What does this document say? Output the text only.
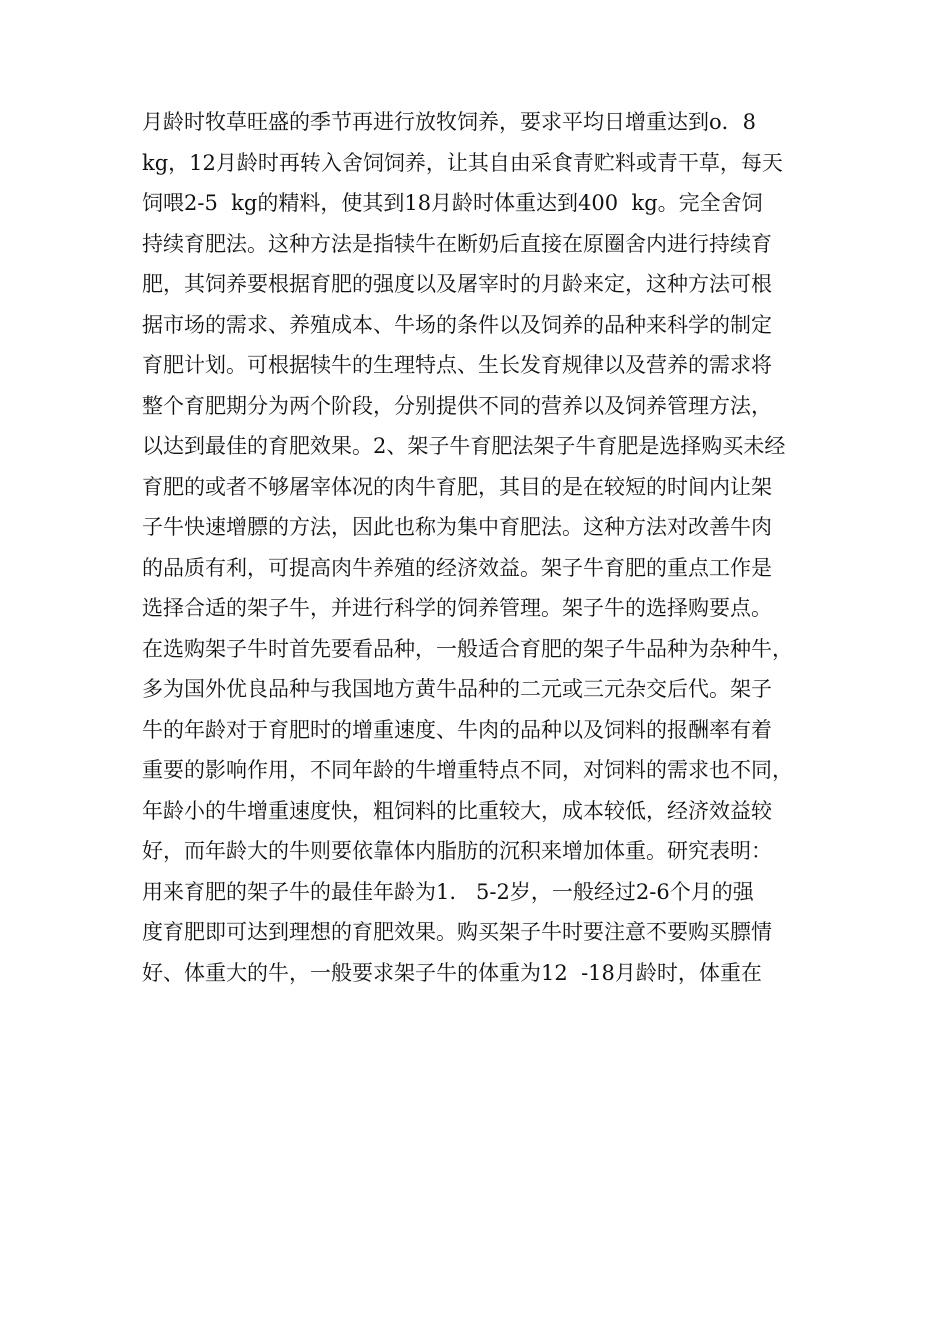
月龄时牧草旺盛的季节再进行放牧饲养，要求平均日增重达到o．8
kg，12月龄时再转入舍饲饲养，让其自由采食青贮料或青干草，每天
饲喂2-5  kg的精料，使其到18月龄时体重达到400  kg。完全舍饲
持续育肥法。这种方法是指犊牛在断奶后直接在原圈舍内进行持续育
肥，其饲养要根据育肥的强度以及屠宰时的月龄来定，这种方法可根
据市场的需求、养殖成本、牛场的条件以及饲养的品种来科学的制定
育肥计划。可根据犊牛的生理特点、生长发育规律以及营养的需求将
整个育肥期分为两个阶段，分别提供不同的营养以及饲养管理方法，
以达到最佳的育肥效果。2、架子牛育肥法架子牛育肥是选择购买未经
育肥的或者不够屠宰体况的肉牛育肥，其目的是在较短的时间内让架
子牛快速增膘的方法，因此也称为集中育肥法。这种方法对改善牛肉
的品质有利，可提高肉牛养殖的经济效益。架子牛育肥的重点工作是
选择合适的架子牛，并进行科学的饲养管理。架子牛的选择购要点。
在选购架子牛时首先要看品种，一般适合育肥的架子牛品种为杂种牛，
多为国外优良品种与我国地方黄牛品种的二元或三元杂交后代。架子
牛的年龄对于育肥时的增重速度、牛肉的品种以及饲料的报酬率有着
重要的影响作用，不同年龄的牛增重特点不同，对饲料的需求也不同，
年龄小的牛增重速度快，粗饲料的比重较大，成本较低，经济效益较
好，而年龄大的牛则要依靠体内脂肪的沉积来增加体重。研究表明：
用来育肥的架子牛的最佳年龄为1.   5-2岁，一般经过2-6个月的强
度育肥即可达到理想的育肥效果。购买架子牛时要注意不要购买膘情
好、体重大的牛，一般要求架子牛的体重为12  -18月龄时，体重在
